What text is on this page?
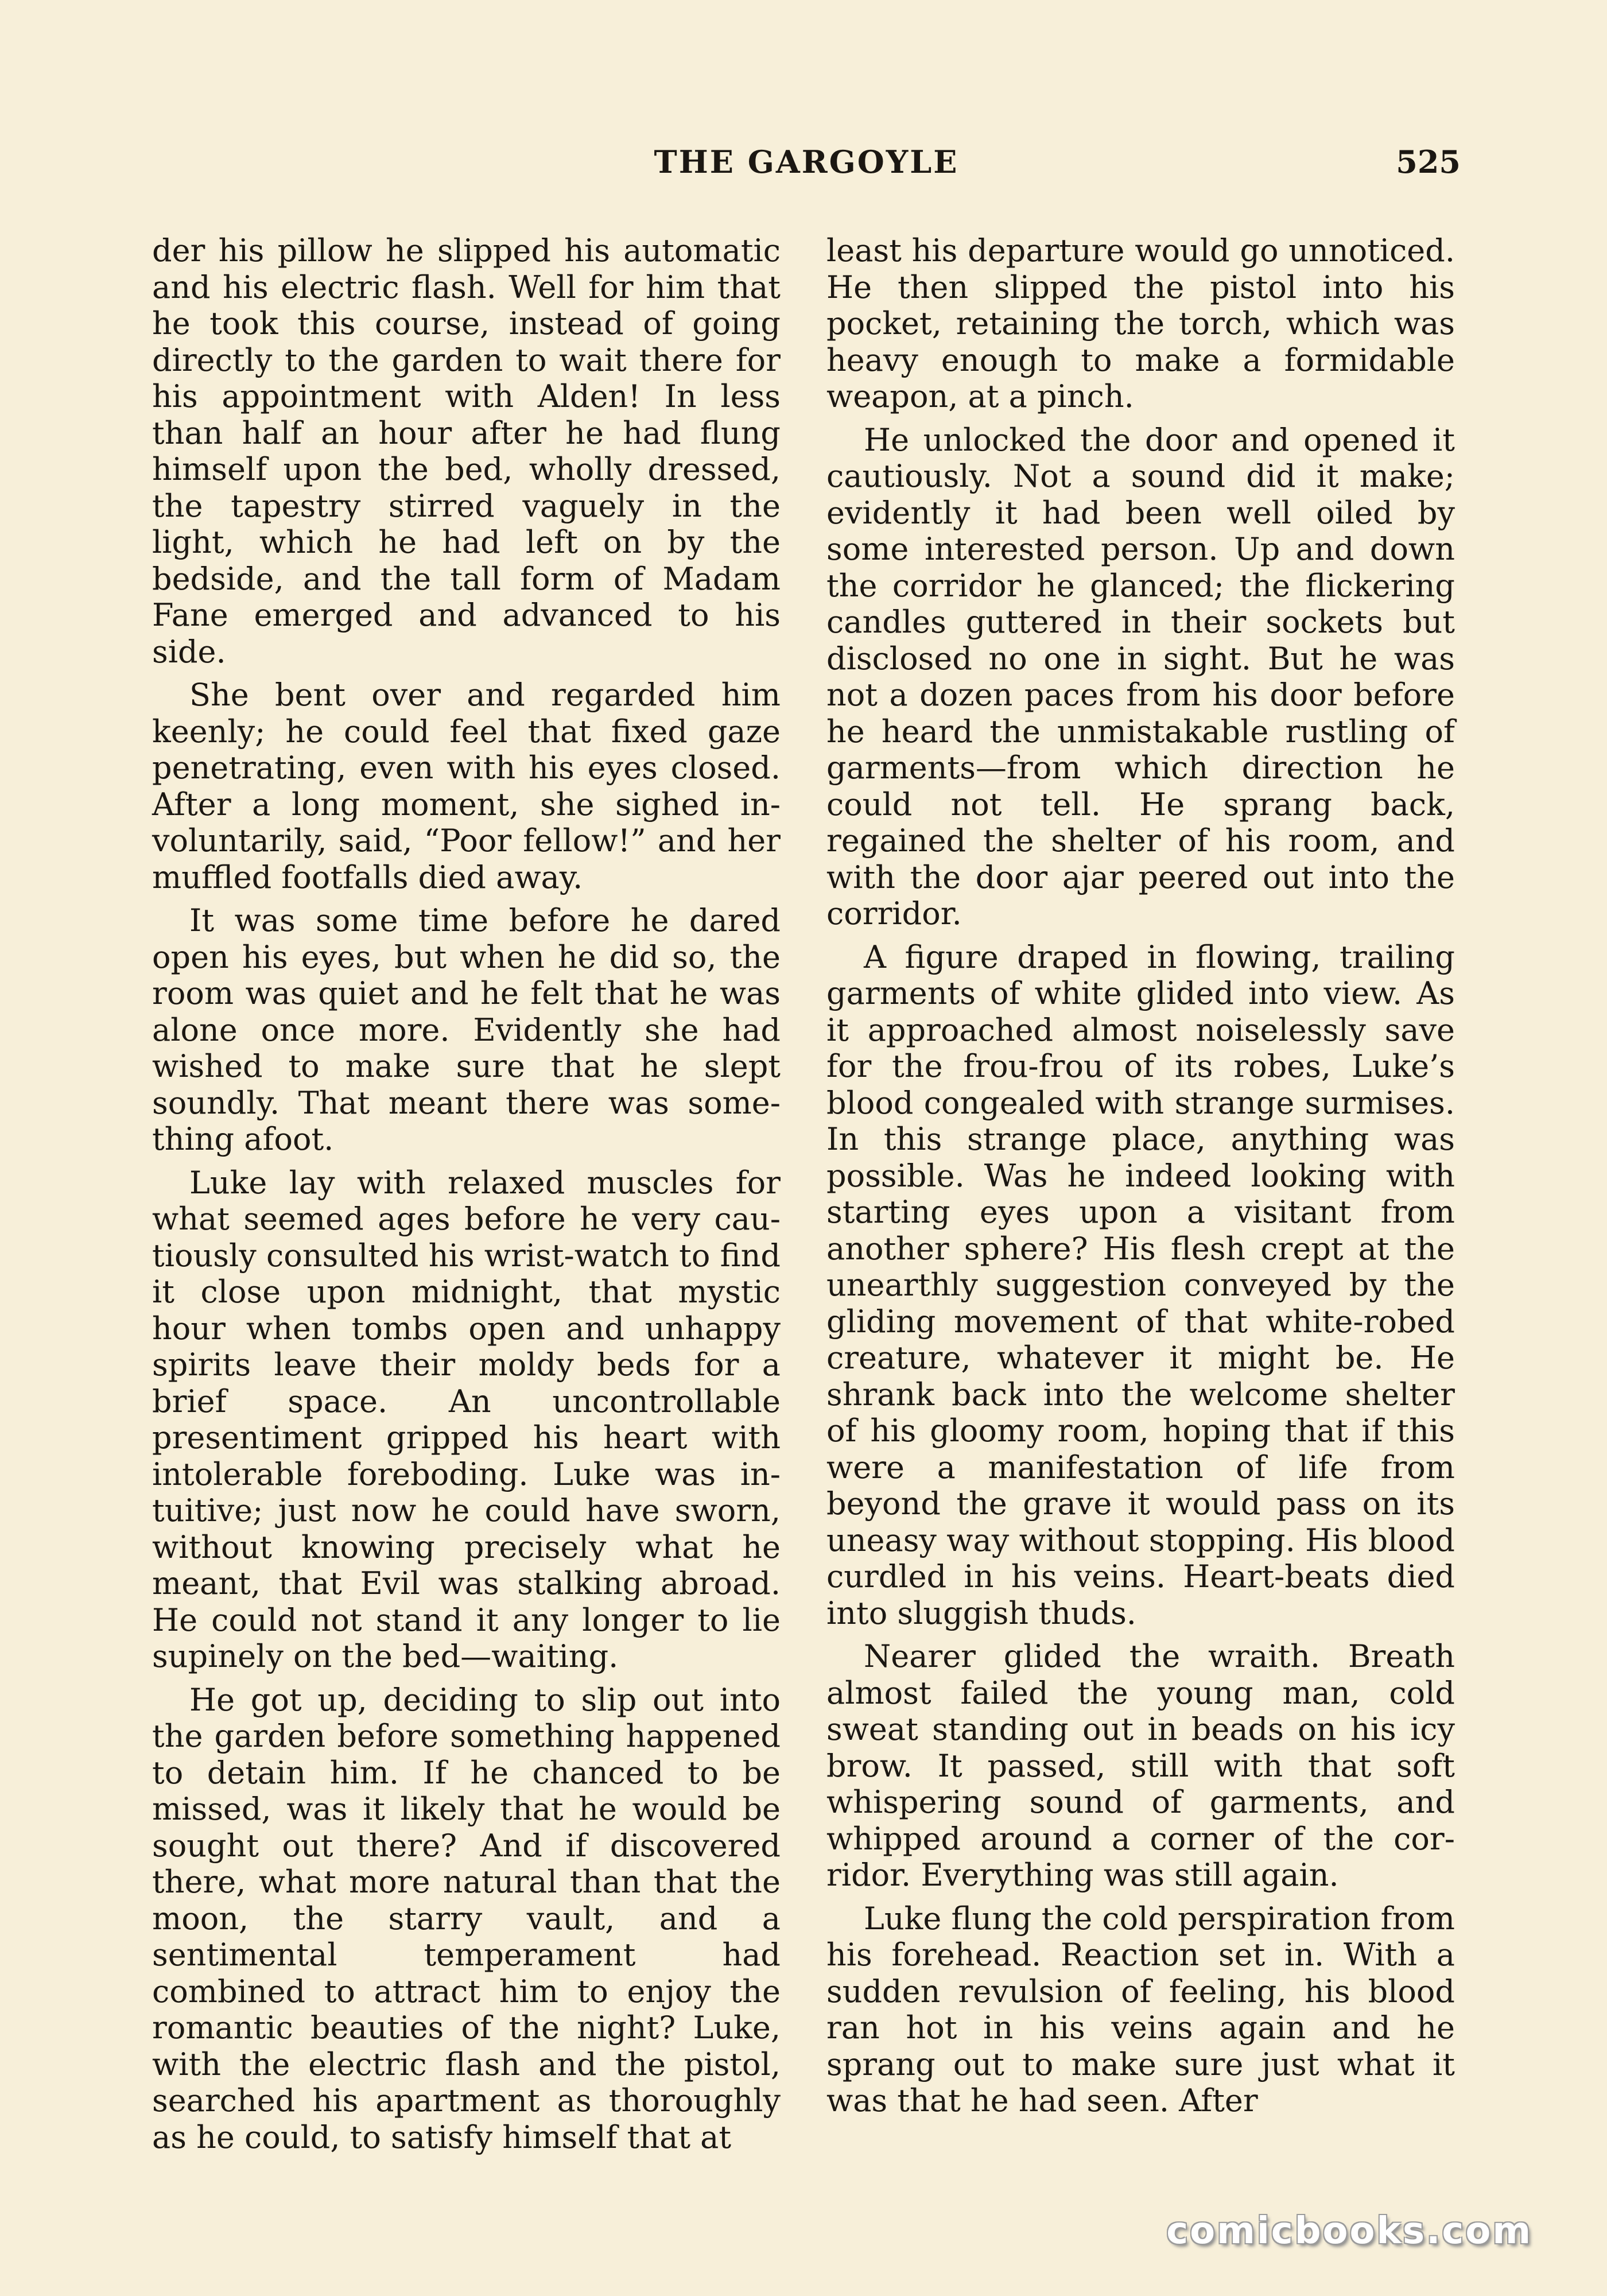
THE GARGOYLE	525

der his pillow he slipped his automatic and his electric flash. Well for him that he took this course, instead of going directly to the garden to wait there for his appointment with Alden! In less than half an hour after he had flung himself upon the bed, wholly dressed, the tapestry stirred vaguely in the light, which he had left on by the bedside, and the tall form of Madam Fane emerged and advanced to his side.

She bent over and regarded him keenly; he could feel that fixed gaze penetrating, even with his eyes closed. After a long moment, she sighed involuntarily, said, “Poor fellow!” and her muffled footfalls died away.

It was some time before he dared open his eyes, but when he did so, the room was quiet and he felt that he was alone once more. Evidently she had wished to make sure that he slept soundly. That meant there was something afoot.

Luke lay with relaxed muscles for what seemed ages before he very cautiously consulted his wrist-watch to find it close upon midnight, that mystic hour when tombs open and unhappy spirits leave their moldy beds for a brief space. An uncontrollable presentiment gripped his heart with intolerable foreboding. Luke was intuitive; just now he could have sworn, without knowing precisely what he meant, that Evil was stalking abroad. He could not stand it any longer to lie supinely on the bed—waiting.

He got up, deciding to slip out into the garden before something happened to detain him. If he chanced to be missed, was it likely that he would be sought out there? And if discovered there, what more natural than that the moon, the starry vault, and a sentimental temperament had combined to attract him to enjoy the romantic beauties of the night? Luke, with the electric flash and the pistol, searched his apartment as thoroughly as he could, to satisfy himself that at

least his departure would go unnoticed. He then slipped the pistol into his pocket, retaining the torch, which was heavy enough to make a formidable weapon, at a pinch.

He unlocked the door and opened it cautiously. Not a sound did it make; evidently it had been well oiled by some interested person. Up and down the corridor he glanced; the flickering candles guttered in their sockets but disclosed no one in sight. But he was not a dozen paces from his door before he heard the unmistakable rustling of garments—from which direction he could not tell. He sprang back, regained the shelter of his room, and with the door ajar peered out into the corridor.

A figure draped in flowing, trailing garments of white glided into view. As it approached almost noiselessly save for the frou-frou of its robes, Luke’s blood congealed with strange surmises. In this strange place, anything was possible. Was he indeed looking with starting eyes upon a visitant from another sphere? His flesh crept at the unearthly suggestion conveyed by the gliding movement of that white-robed creature, whatever it might be. He shrank back into the welcome shelter of his gloomy room, hoping that if this were a manifestation of life from beyond the grave it would pass on its uneasy way without stopping. His blood curdled in his veins. Heart-beats died into sluggish thuds.

Nearer glided the wraith. Breath almost failed the young man, cold sweat standing out in beads on his icy brow. It passed, still with that soft whispering sound of garments, and whipped around a corner of the corridor. Everything was still again.

Luke flung the cold perspiration from his forehead. Reaction set in. With a sudden revulsion of feeling, his blood ran hot in his veins again and he sprang out to make sure just what it was that he had seen. After

comicbooks.com
